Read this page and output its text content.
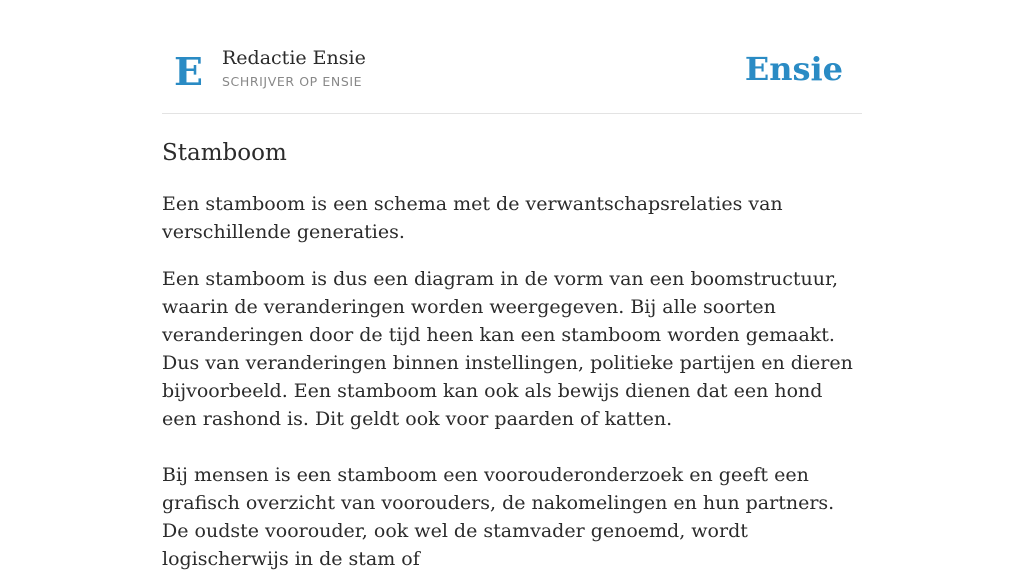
E Redactie Ensie
SCHRIJVER OP ENSIE	Ensie
Stamboom

Een stamboom is een schema met de verwantschapsrelaties van verschillende generaties.

Een stamboom is dus een diagram in de vorm van een boomstructuur, waarin de veranderingen worden weergegeven. Bij alle soorten veranderingen door de tijd heen kan een stamboom worden gemaakt. Dus van veranderingen binnen instellingen, politieke partijen en dieren bijvoorbeeld. Een stamboom kan ook als bewijs dienen dat een hond een rashond is. Dit geldt ook voor paarden of katten.

Bij mensen is een stamboom een voorouderonderzoek en geeft een grafisch overzicht van voorouders, de nakomelingen en hun partners. De oudste voorouder, ook wel de stamvader genoemd, wordt logischerwijs in de stam of
